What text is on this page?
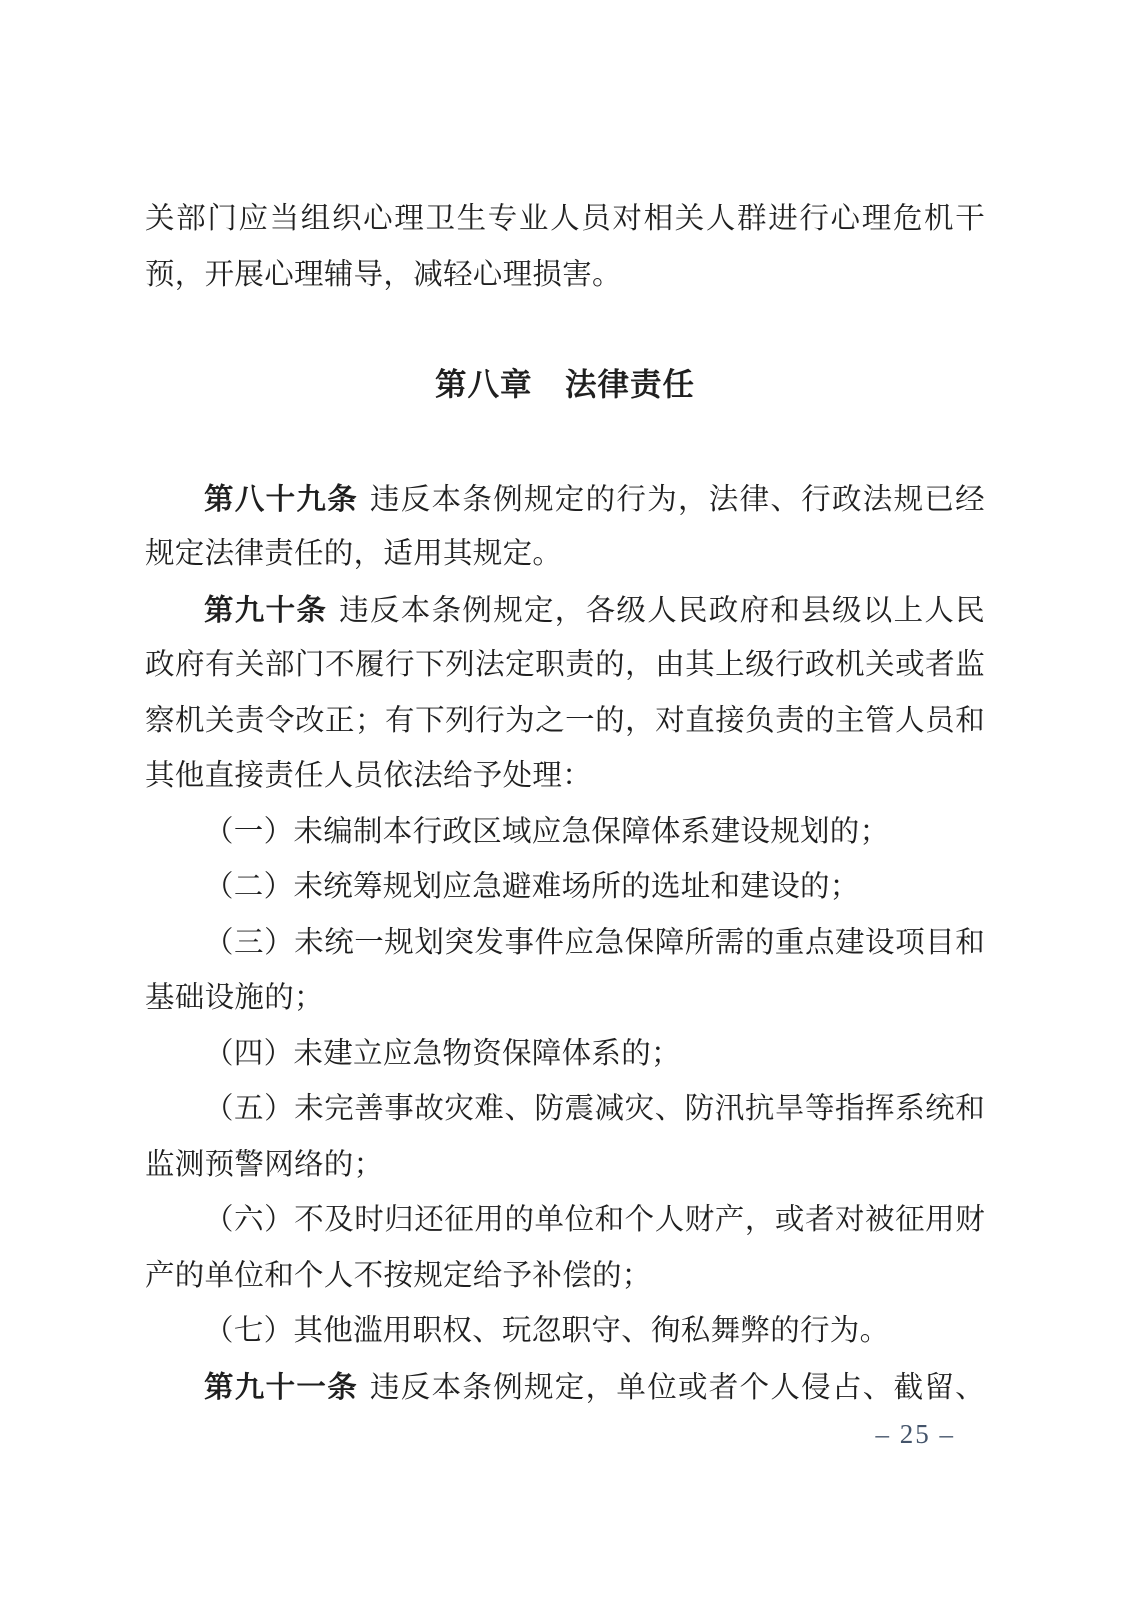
关部门应当组织心理卫生专业人员对相关人群进行心理危机干
预，开展心理辅导，减轻心理损害。
第八章　法律责任
第八十九条 违反本条例规定的行为，法律、行政法规已经
规定法律责任的，适用其规定。
第九十条 违反本条例规定，各级人民政府和县级以上人民
政府有关部门不履行下列法定职责的，由其上级行政机关或者监
察机关责令改正；有下列行为之一的，对直接负责的主管人员和
其他直接责任人员依法给予处理：
（一）未编制本行政区域应急保障体系建设规划的；
（二）未统筹规划应急避难场所的选址和建设的；
（三）未统一规划突发事件应急保障所需的重点建设项目和
基础设施的；
（四）未建立应急物资保障体系的；
（五）未完善事故灾难、防震减灾、防汛抗旱等指挥系统和
监测预警网络的；
（六）不及时归还征用的单位和个人财产，或者对被征用财
产的单位和个人不按规定给予补偿的；
（七）其他滥用职权、玩忽职守、徇私舞弊的行为。
第九十一条 违反本条例规定，单位或者个人侵占、截留、
– 25 –
